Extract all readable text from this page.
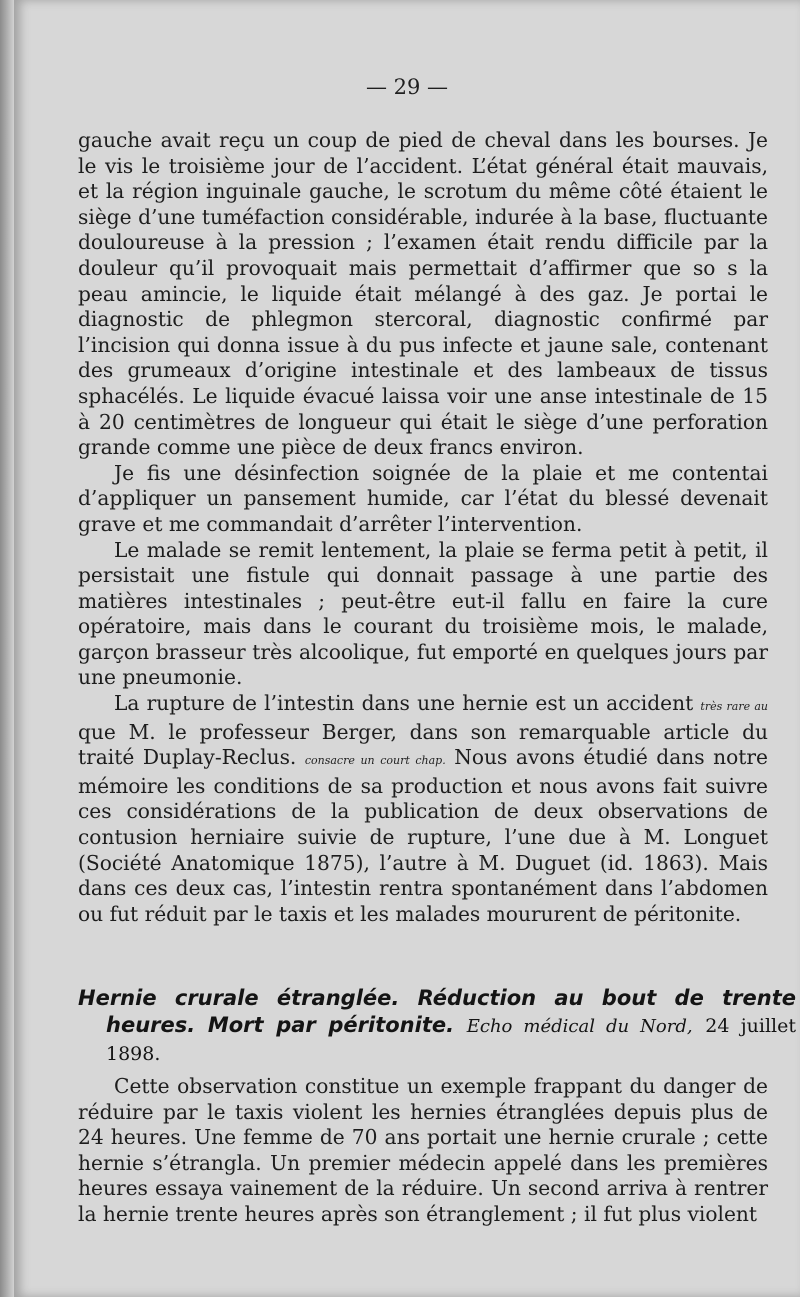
— 29 —

gauche avait reçu un coup de pied de cheval dans les bourses. Je le vis le troisième jour de l’accident. L’état général était mauvais, et la région inguinale gauche, le scrotum du même côté étaient le siège d’une tuméfaction considérable, indurée à la base, fluctuante douloureuse à la pression ; l’examen était rendu difficile par la douleur qu’il provoquait mais permettait d’affirmer que so s la peau amincie, le liquide était mélangé à des gaz. Je portai le diagnostic de phlegmon stercoral, diagnostic confirmé par l’incision qui donna issue à du pus infecte et jaune sale, contenant des grumeaux d’origine intestinale et des lambeaux de tissus sphacélés. Le liquide évacué laissa voir une anse intestinale de 15 à 20 centimètres de longueur qui était le siège d’une perforation grande comme une pièce de deux francs environ.

Je fis une désinfection soignée de la plaie et me contentai d’appliquer un pansement humide, car l’état du blessé devenait grave et me commandait d’arrêter l’intervention.

Le malade se remit lentement, la plaie se ferma petit à petit, il persistait une fistule qui donnait passage à une partie des matières intestinales ; peut-être eut-il fallu en faire la cure opératoire, mais dans le courant du troisième mois, le malade, garçon brasseur très alcoolique, fut emporté en quelques jours par une pneumonie.

La rupture de l’intestin dans une hernie est un accident très rare au que M. le professeur Berger, dans son remarquable article du traité Duplay-Reclus. consacre un court chap. Nous avons étudié dans notre mémoire les conditions de sa production et nous avons fait suivre ces considérations de la publication de deux observations de contusion herniaire suivie de rupture, l’une due à M. Longuet (Société Anatomique 1875), l’autre à M. Duguet (id. 1863). Mais dans ces deux cas, l’intestin rentra spontanément dans l’abdomen ou fut réduit par le taxis et les malades moururent de péritonite.

Hernie crurale étranglée. Réduction au bout de trente heures. Mort par péritonite. Echo médical du Nord, 24 juillet 1898.

Cette observation constitue un exemple frappant du danger de réduire par le taxis violent les hernies étranglées depuis plus de 24 heures. Une femme de 70 ans portait une hernie crurale ; cette hernie s’étrangla. Un premier médecin appelé dans les premières heures essaya vainement de la réduire. Un second arriva à rentrer la hernie trente heures après son étranglement ; il fut plus violent
